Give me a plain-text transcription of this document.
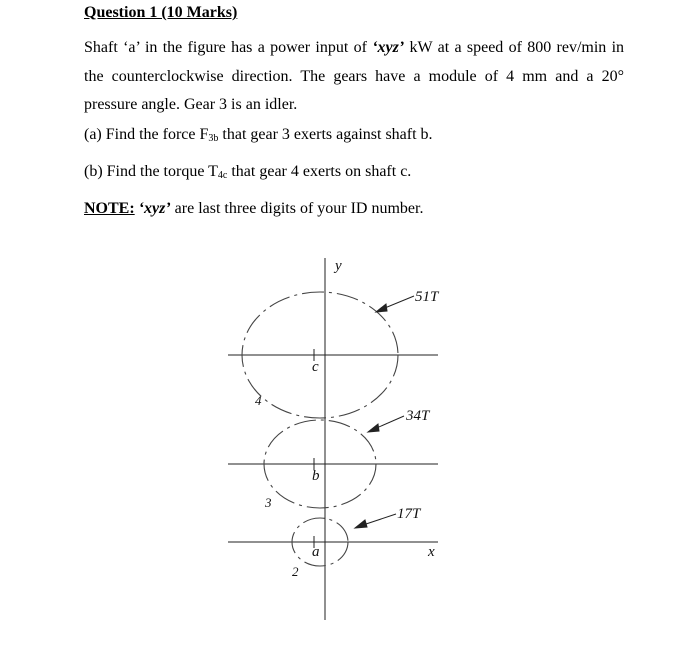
Question 1 (10 Marks)
Shaft ‘a’ in the figure has a power input of ‘xyz’ kW at a speed of 800 rev/min in the counterclockwise direction. The gears have a module of 4 mm and a 20° pressure angle. Gear 3 is an idler.
(a) Find the force $F_{3b}$ that gear 3 exerts against shaft b.
(b) Find the torque $T_{4c}$ that gear 4 exerts on shaft c.
NOTE: ‘xyz’ are last three digits of your ID number.
y
x
51T
34T
17T
c
b
a
4
3
2
